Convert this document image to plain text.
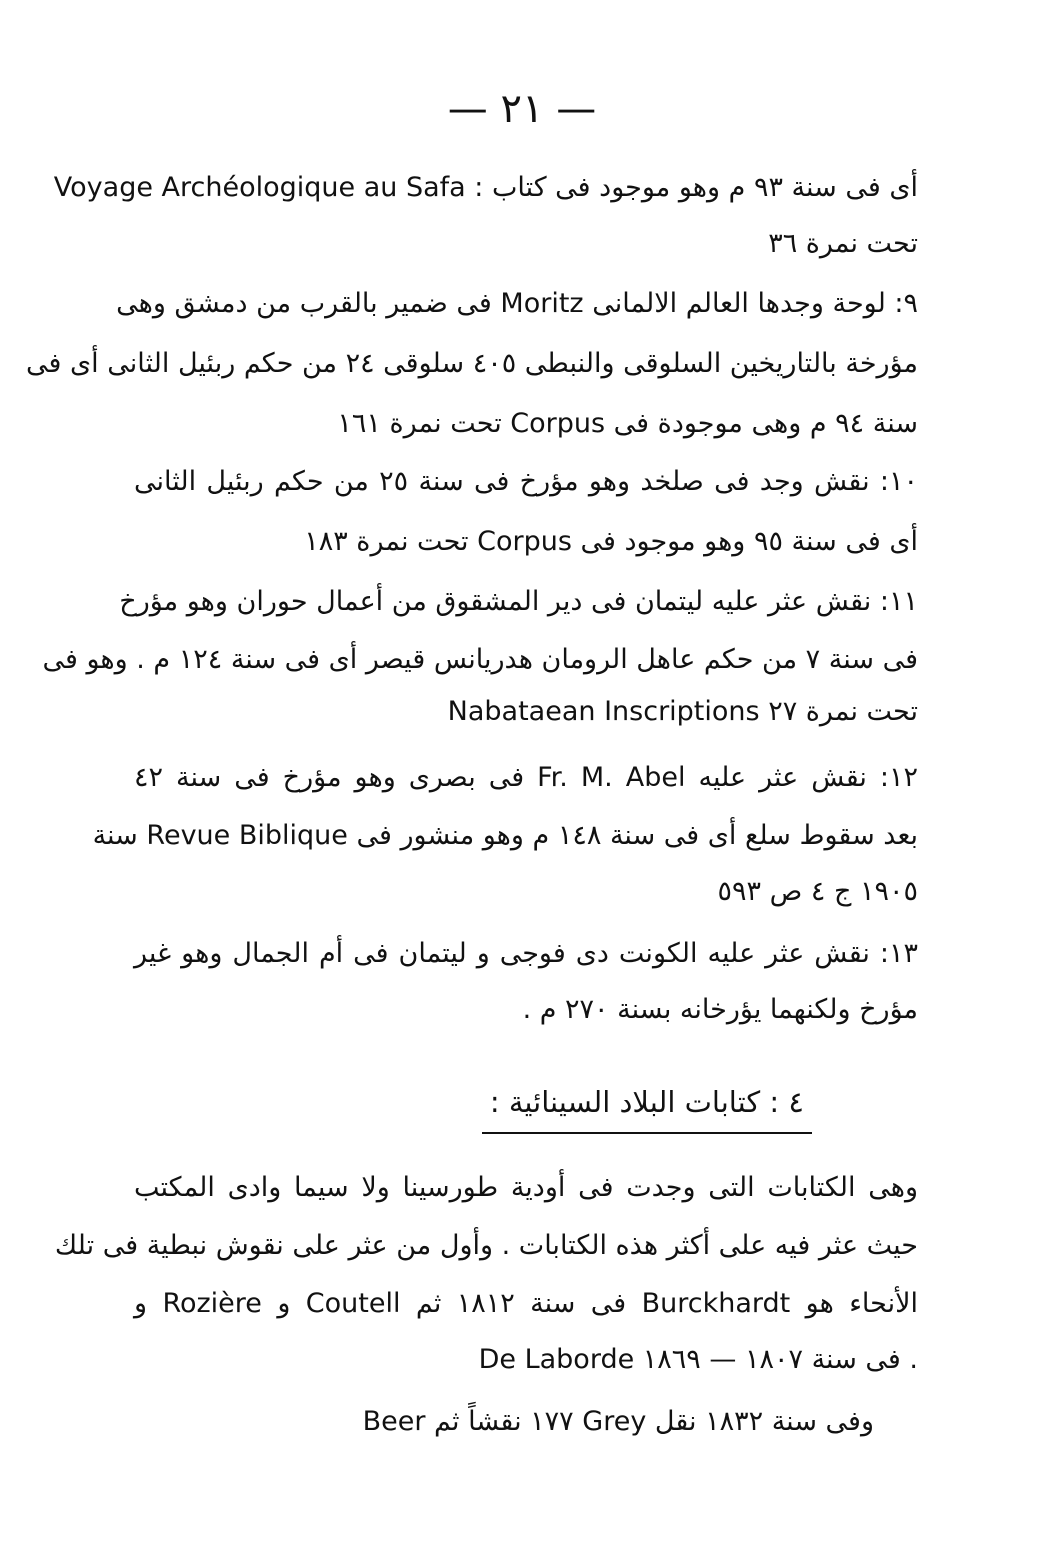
— ٢١ —
أى فى سنة ٩٣ م وهو موجود فى كتاب : Voyage Archéologique au Safa
تحت نمرة ٣٦
٩: لوحة وجدها العالم الالمانى Moritz فى ضمير بالقرب من دمشق وهى
مؤرخة بالتاريخين السلوقى والنبطى ٤٠٥ سلوقى ٢٤ من حكم ربئيل الثانى أى فى
سنة ٩٤ م وهى موجودة فى Corpus تحت نمرة ١٦١
١٠: نقش وجد فى صلخد وهو مؤرخ فى سنة ٢٥ من حكم ربئيل الثانى
أى فى سنة ٩٥ وهو موجود فى Corpus تحت نمرة ١٨٣
١١: نقش عثر عليه ليتمان فى دير المشقوق من أعمال حوران وهو مؤرخ
فى سنة ٧ من حكم عاهل الرومان هدريانس قيصر أى فى سنة ١٢٤ م . وهو فى
Nabataean Inscriptions تحت نمرة ٢٧
١٢: نقش عثر عليه Fr. M. Abel فى بصرى وهو مؤرخ فى سنة ٤٢
بعد سقوط سلع أى فى سنة ١٤٨ م وهو منشور فى Revue Biblique سنة
١٩٠٥ ج ٤ ص ٥٩٣
١٣: نقش عثر عليه الكونت دى فوجى و ليتمان فى أم الجمال وهو غير
مؤرخ ولكنهما يؤرخانه بسنة ٢٧٠ م .
٤ : كتابات البلاد السينائية :
وهى الكتابات التى وجدت فى أودية طورسينا ولا سيما وادى المكتب
حيث عثر فيه على أكثر هذه الكتابات . وأول من عثر على نقوش نبطية فى تلك
الأنحاء هو Burckhardt فى سنة ١٨١٢ ثم Coutell و Rozière و
De Laborde فى سنة ١٨٠٧ — ١٨٦٩ .
وفى سنة ١٨٣٢ نقل Grey ١٧٧ نقشاً ثم Beer
